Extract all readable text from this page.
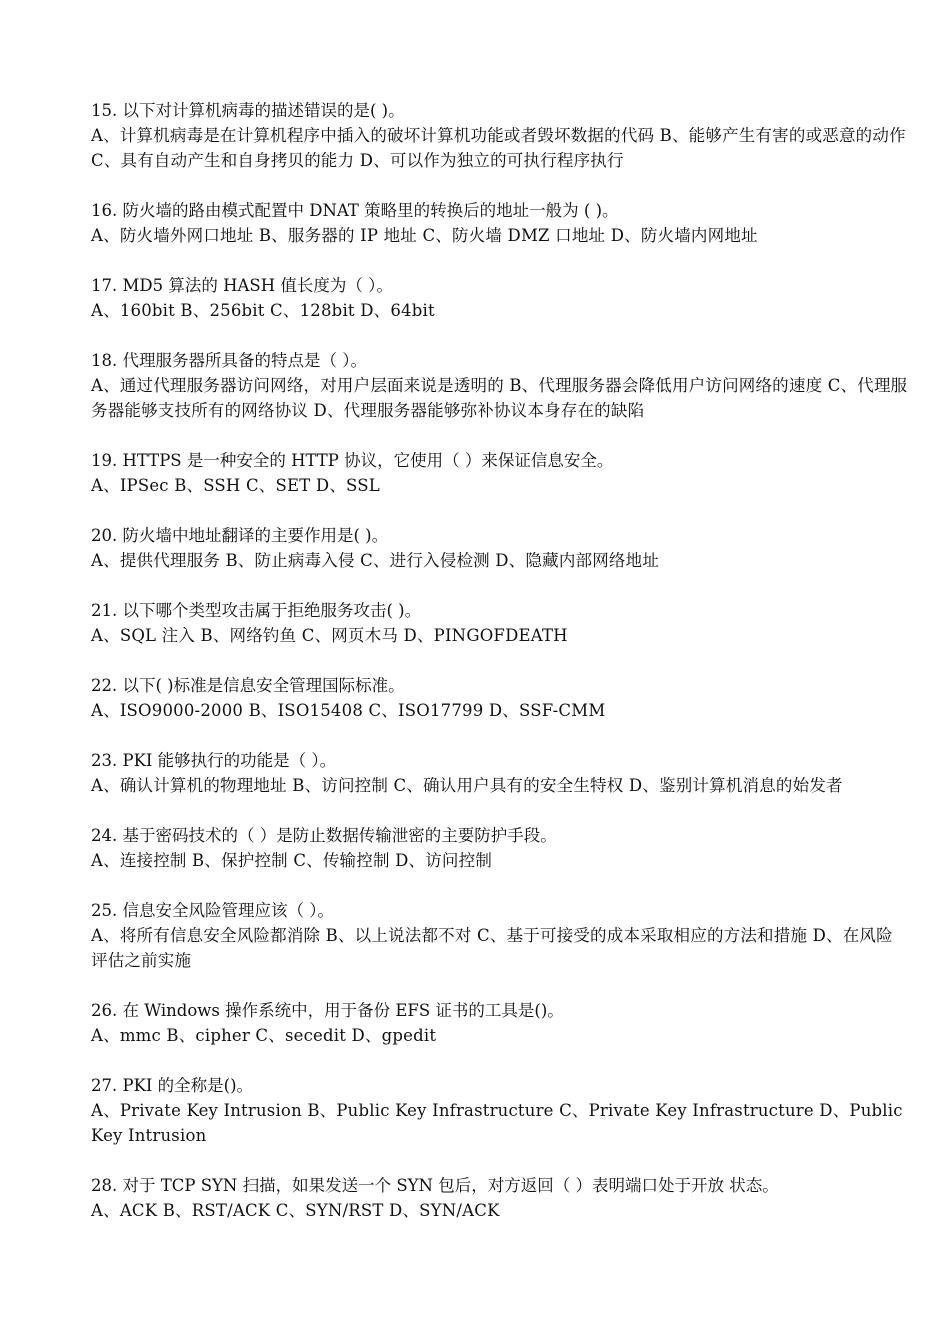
15. 以下对计算机病毒的描述错误的是( )。

A、计算机病毒是在计算机程序中插入的破坏计算机功能或者毁坏数据的代码 B、能够产生有害的或恶意的动作 C、具有自动产生和自身拷贝的能力 D、可以作为独立的可执行程序执行

16. 防火墙的路由模式配置中 DNAT 策略里的转换后的地址一般为 ( )。

A、防火墙外网口地址 B、服务器的 IP 地址 C、防火墙 DMZ 口地址 D、防火墙内网地址

17. MD5 算法的 HASH 值长度为（ ）。

A、160bit B、256bit C、128bit D、64bit

18. 代理服务器所具备的特点是（ ）。

A、通过代理服务器访问网络，对用户层面来说是透明的 B、代理服务器会降低用户访问网络的速度 C、代理服务器能够支技所有的网络协议 D、代理服务器能够弥补协议本身存在的缺陷

19. HTTPS 是一种安全的 HTTP 协议，它使用（ ）来保证信息安全。

A、IPSec B、SSH C、SET D、SSL

20. 防火墙中地址翻译的主要作用是( )。

A、提供代理服务 B、防止病毒入侵 C、进行入侵检测 D、隐藏内部网络地址

21. 以下哪个类型攻击属于拒绝服务攻击( )。

A、SQL 注入 B、网络钓鱼 C、网页木马 D、PINGOFDEATH

22. 以下( )标准是信息安全管理国际标准。

A、ISO9000-2000 B、ISO15408 C、ISO17799 D、SSF-CMM

23. PKI 能够执行的功能是（ ）。

A、确认计算机的物理地址 B、访问控制 C、确认用户具有的安全生特权 D、鉴别计算机消息的始发者

24. 基于密码技术的（ ）是防止数据传输泄密的主要防护手段。

A、连接控制 B、保护控制 C、传输控制 D、访问控制

25. 信息安全风险管理应该（ ）。

A、将所有信息安全风险都消除 B、以上说法都不对 C、基于可接受的成本采取相应的方法和措施 D、在风险评估之前实施

26. 在 Windows 操作系统中，用于备份 EFS 证书的工具是()。

A、mmc B、cipher C、secedit D、gpedit

27. PKI 的全称是()。

A、Private Key Intrusion B、Public Key Infrastructure C、Private Key Infrastructure D、Public Key Intrusion

28. 对于 TCP SYN 扫描，如果发送一个 SYN 包后，对方返回（ ）表明端口处于开放 状态。

A、ACK B、RST/ACK C、SYN/RST D、SYN/ACK
